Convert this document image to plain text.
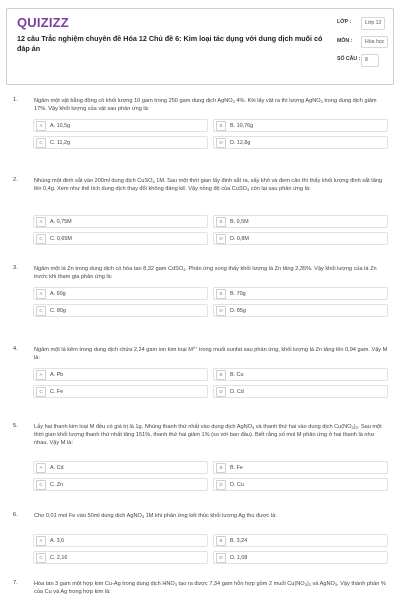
QUIZIZZ
12 câu Trắc nghiệm chuyên đề Hóa 12 Chủ đề 6: Kim loại tác dụng với dung dịch muối có đáp án
LỚP :	Lớp 12
MÔN :	Hóa học
SỐ CÂU : 8
1.	Ngâm một vật bằng đồng có khối lượng 10 gam trong 250 gam dung dịch AgNO$_3$ 4%. Khi lấy vật ra thì lượng AgNO$_3$ trong dung dịch giảm 17%. Vậy khối lượng của vật sau phản ứng là:
A	A. 10,5g	B	B. 10,76g
C	C. 11,2g	D	D. 12,8g
2.	Nhúng một đinh sắt vào 200ml dung dịch CuSO$_4$ 1M. Sau một thời gian lấy đinh sắt ra, sấy khô và đem cân thì thấy khối lượng đinh sắt tăng lên 0,4g. Xem như thể tích dung dịch thay đổi không đáng kể. Vậy nồng độ của CuSO$_4$ còn lại sau phản ứng là:
A	A. 0,75M	B	B. 0,5M
C	C. 0,65M	D	D. 0,8M
3.	Ngâm một lá Zn trong dung dịch có hòa tan 8,32 gam CdSO$_4$. Phản ứng xong thấy khối lượng lá Zn tăng 2,35%. Vậy khối lượng của lá Zn trước khi tham gia phản ứng là:
A	A. 60g	B	B. 70g
C	C. 80g	D	D. 85g
4.	Ngâm một lá kẽm trong dung dịch chứa 2,24 gam ion kim loại $M^{2+}$ trong muối sunfat sau phản ứng, khối lượng lá Zn tăng lên 0,94 gam. Vậy M là:
A	A. Pb	B	B. Cu
C	C. Fe	D	D. Cd
5.	Lấy hai thanh kim loại M đều có giá trị là 1g. Nhúng thanh thứ nhất vào dung dịch AgNO$_3$ và thanh thứ hai vào dung dịch $Cu(NO_3)_2$. Sau một thời gian khối lượng thanh thứ nhất tăng 151%, thanh thứ hai giảm 1% (so với ban đầu). Biết rằng số mol M phản ứng ở hai thanh là như nhau. Vậy M là:
A	A. Cd	B	B. Fe
C	C. Zn	D	D. Cu
6.	Cho 0,01 mol Fe vào 50ml dung dịch AgNO$_3$ 1M khi phản ứng kết thúc khối lượng Ag thu được là:
A	A. 3,6	B	B. 3,24
C	C. 2,16	D	D. 1,08
7.	Hòa tan 3 gam một hợp kim Cu-Ag trong dung dịch $HNO_3$ tạo ra được 7,34 gam hỗn hợp gồm 2 muối $Cu(NO_3)_2$ và AgNO$_3$. Vậy thành phần % của Cu và Ag trong hợp kim là:
